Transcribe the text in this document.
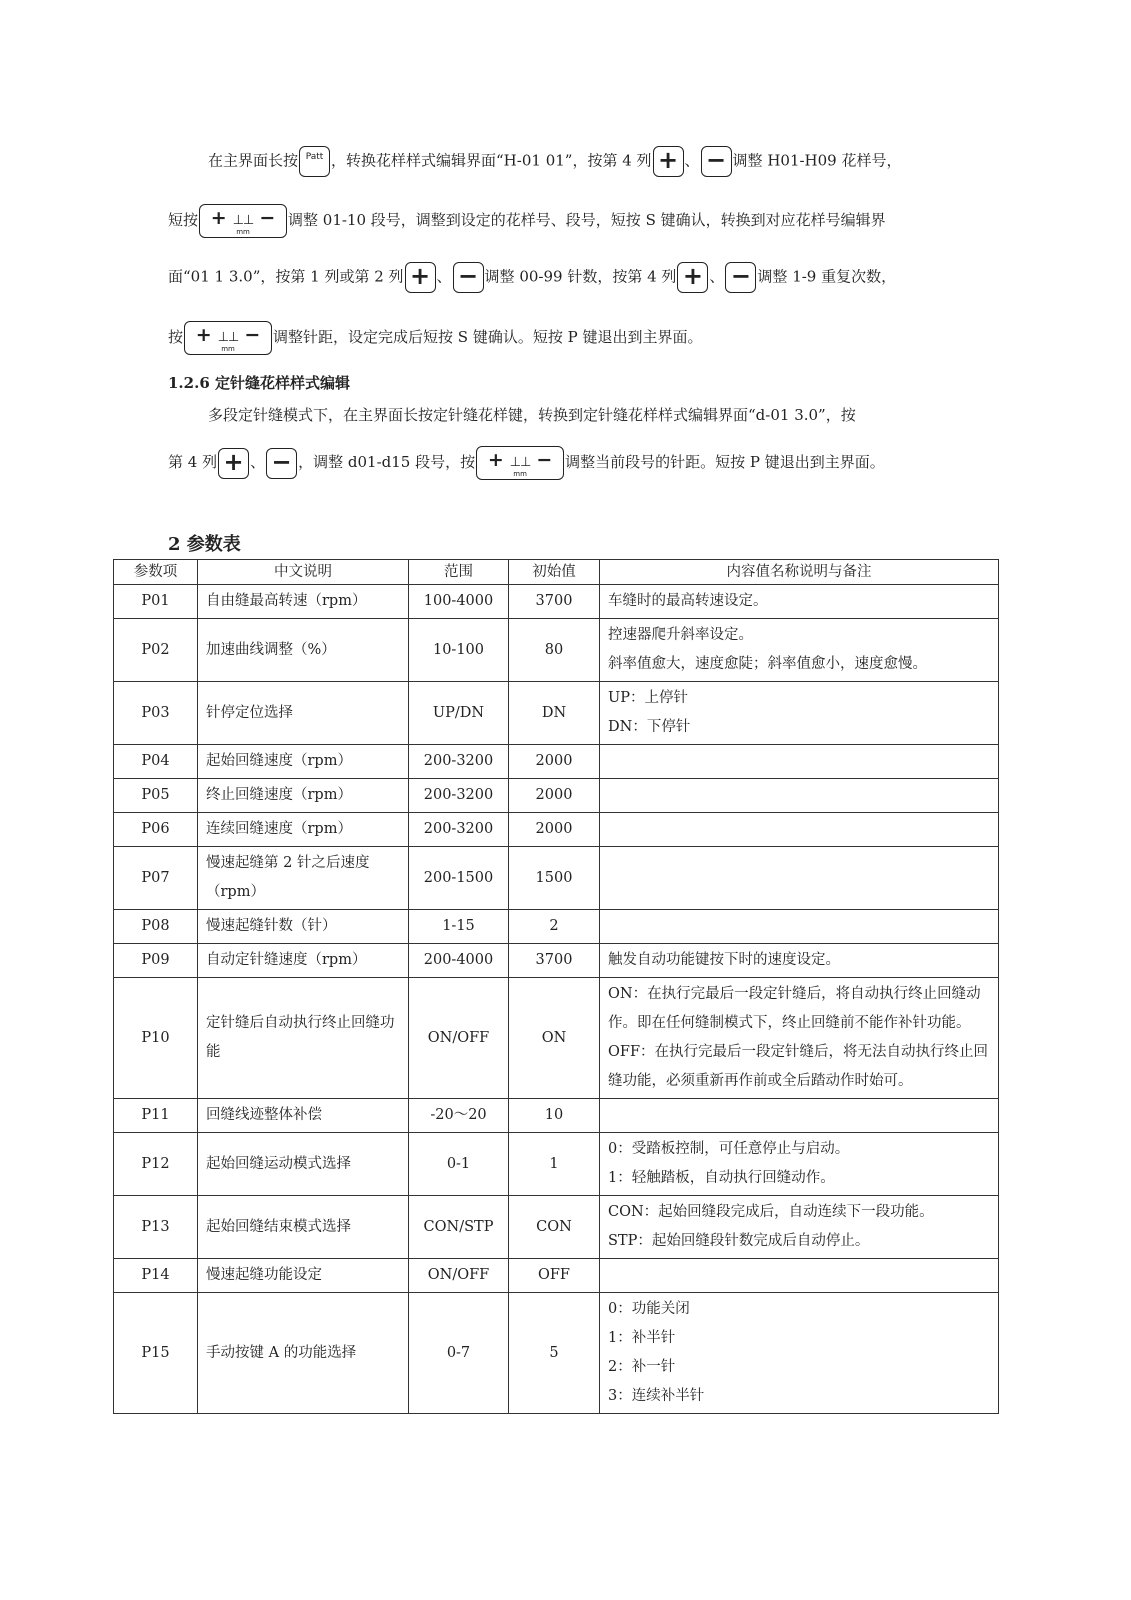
在主界面长按 Patt ，转换花样样式编辑界面“H-01 01”，按第 4 列 + 、 − 调整 H01-H09 花样号，
短按 + ⊥⊥ −
mm
调整 01-10 段号，调整到设定的花样号、段号，短按 S 键确认，转换到对应花样号编辑界
面“01 1 3.0”，按第 1 列或第 2 列 + 、 − 调整 00-99 针数，按第 4 列 + 、 − 调整 1-9 重复次数，
按 + ⊥⊥ −
mm
调整针距，设定完成后短按 S 键确认。短按 P 键退出到主界面。
1.2.6 定针缝花样样式编辑
多段定针缝模式下，在主界面长按定针缝花样键，转换到定针缝花样样式编辑界面“d-01 3.0”，按
第 4 列 + 、 − ，调整 d01-d15 段号，按 + ⊥⊥ −
mm
调整当前段号的针距。短按 P 键退出到主界面。
2 参数表
参数项	中文说明	范围	初始值	内容值名称说明与备注
P01	自由缝最高转速（rpm）	100-4000	3700	车缝时的最高转速设定。

P02	加速曲线调整（%）	10-100	80	控速器爬升斜率设定。
斜率值愈大，速度愈陡；斜率值愈小，速度愈慢。

P03	针停定位选择	UP/DN	DN	UP：上停针
DN：下停针

P04	起始回缝速度（rpm）	200-3200	2000	
P05	终止回缝速度（rpm）	200-3200	2000	
P06	连续回缝速度（rpm）	200-3200	2000	
P07	慢速起缝第 2 针之后速度（rpm）	200-1500	1500	
P08	慢速起缝针数（针）	1-15	2	
P09	自动定针缝速度（rpm）	200-4000	3700	触发自动功能键按下时的速度设定。

P10	定针缝后自动执行终止回缝功能	ON/OFF	ON	ON：在执行完最后一段定针缝后，将自动执行终止回缝动作。即在任何缝制模式下，终止回缝前不能作补针功能。
OFF：在执行完最后一段定针缝后，将无法自动执行终止回缝功能，必须重新再作前或全后踏动作时始可。

P11	回缝线迹整体补偿	-20～20	10	
P12	起始回缝运动模式选择	0-1	1	0：受踏板控制，可任意停止与启动。
1：轻触踏板，自动执行回缝动作。

P13	起始回缝结束模式选择	CON/STP	CON	CON：起始回缝段完成后，自动连续下一段功能。
STP：起始回缝段针数完成后自动停止。

P14	慢速起缝功能设定	ON/OFF	OFF	
P15	手动按键 A 的功能选择	0-7	5	0：功能关闭
1：补半针
2：补一针
3：连续补半针
